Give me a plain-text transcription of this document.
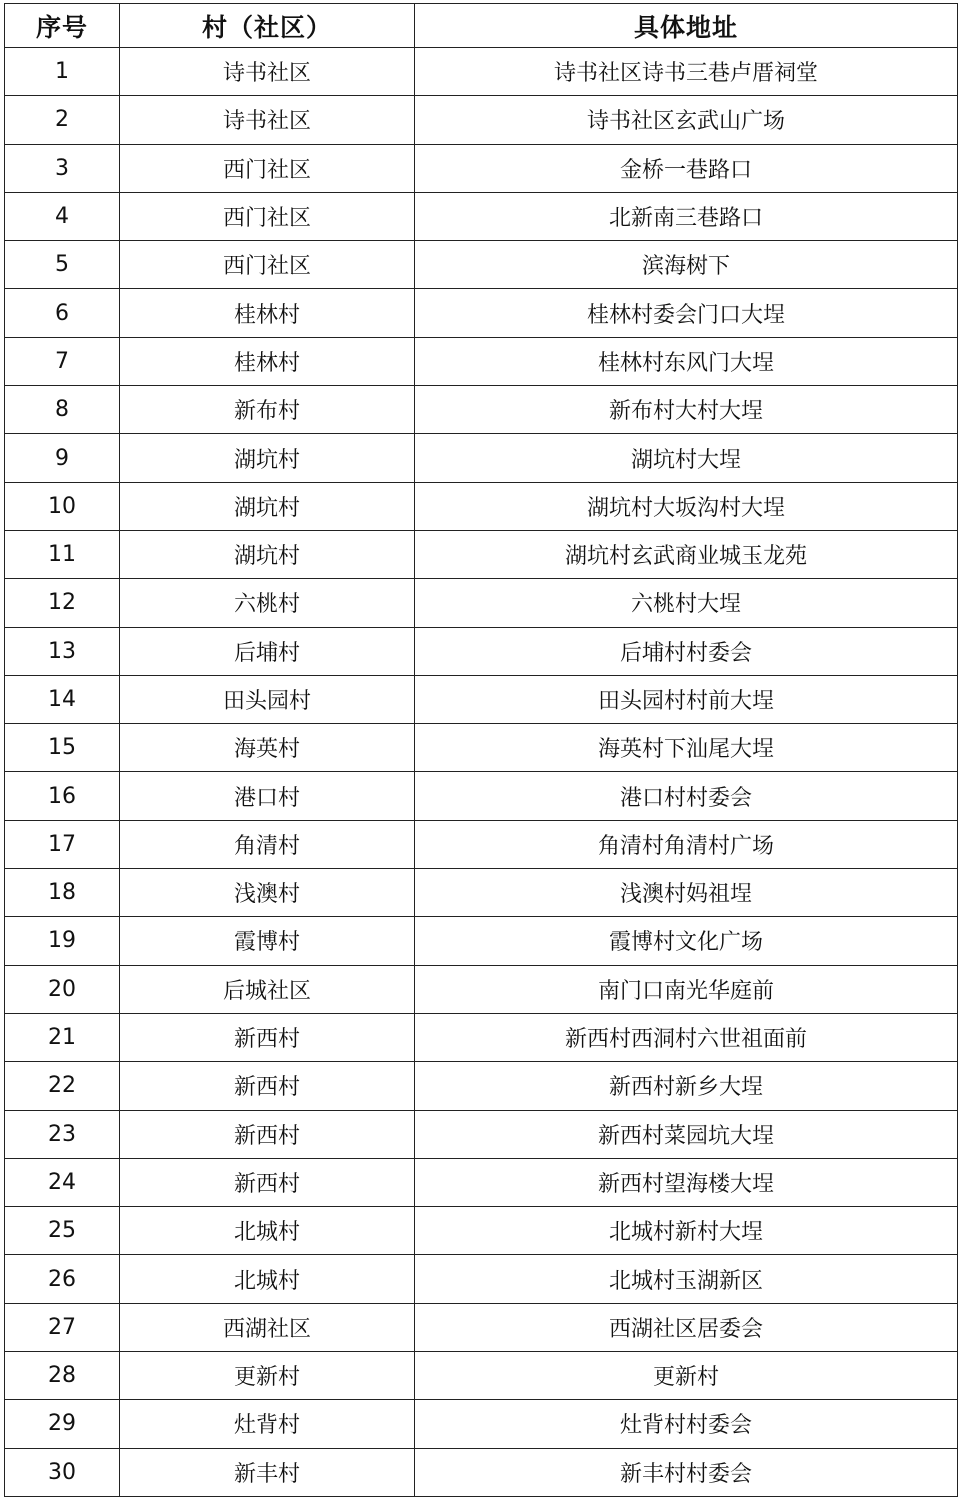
序号	村（社区）	具体地址
1	诗书社区	诗书社区诗书三巷卢厝祠堂
2	诗书社区	诗书社区玄武山广场
3	西门社区	金桥一巷路口
4	西门社区	北新南三巷路口
5	西门社区	滨海树下
6	桂林村	桂林村委会门口大埕
7	桂林村	桂林村东风门大埕
8	新布村	新布村大村大埕
9	湖坑村	湖坑村大埕
10	湖坑村	湖坑村大坂沟村大埕
11	湖坑村	湖坑村玄武商业城玉龙苑
12	六桃村	六桃村大埕
13	后埔村	后埔村村委会
14	田头园村	田头园村村前大埕
15	海英村	海英村下汕尾大埕
16	港口村	港口村村委会
17	角清村	角清村角清村广场
18	浅澳村	浅澳村妈祖埕
19	霞博村	霞博村文化广场
20	后城社区	南门口南光华庭前
21	新西村	新西村西洞村六世祖面前
22	新西村	新西村新乡大埕
23	新西村	新西村菜园坑大埕
24	新西村	新西村望海楼大埕
25	北城村	北城村新村大埕
26	北城村	北城村玉湖新区
27	西湖社区	西湖社区居委会
28	更新村	更新村
29	灶背村	灶背村村委会
30	新丰村	新丰村村委会
